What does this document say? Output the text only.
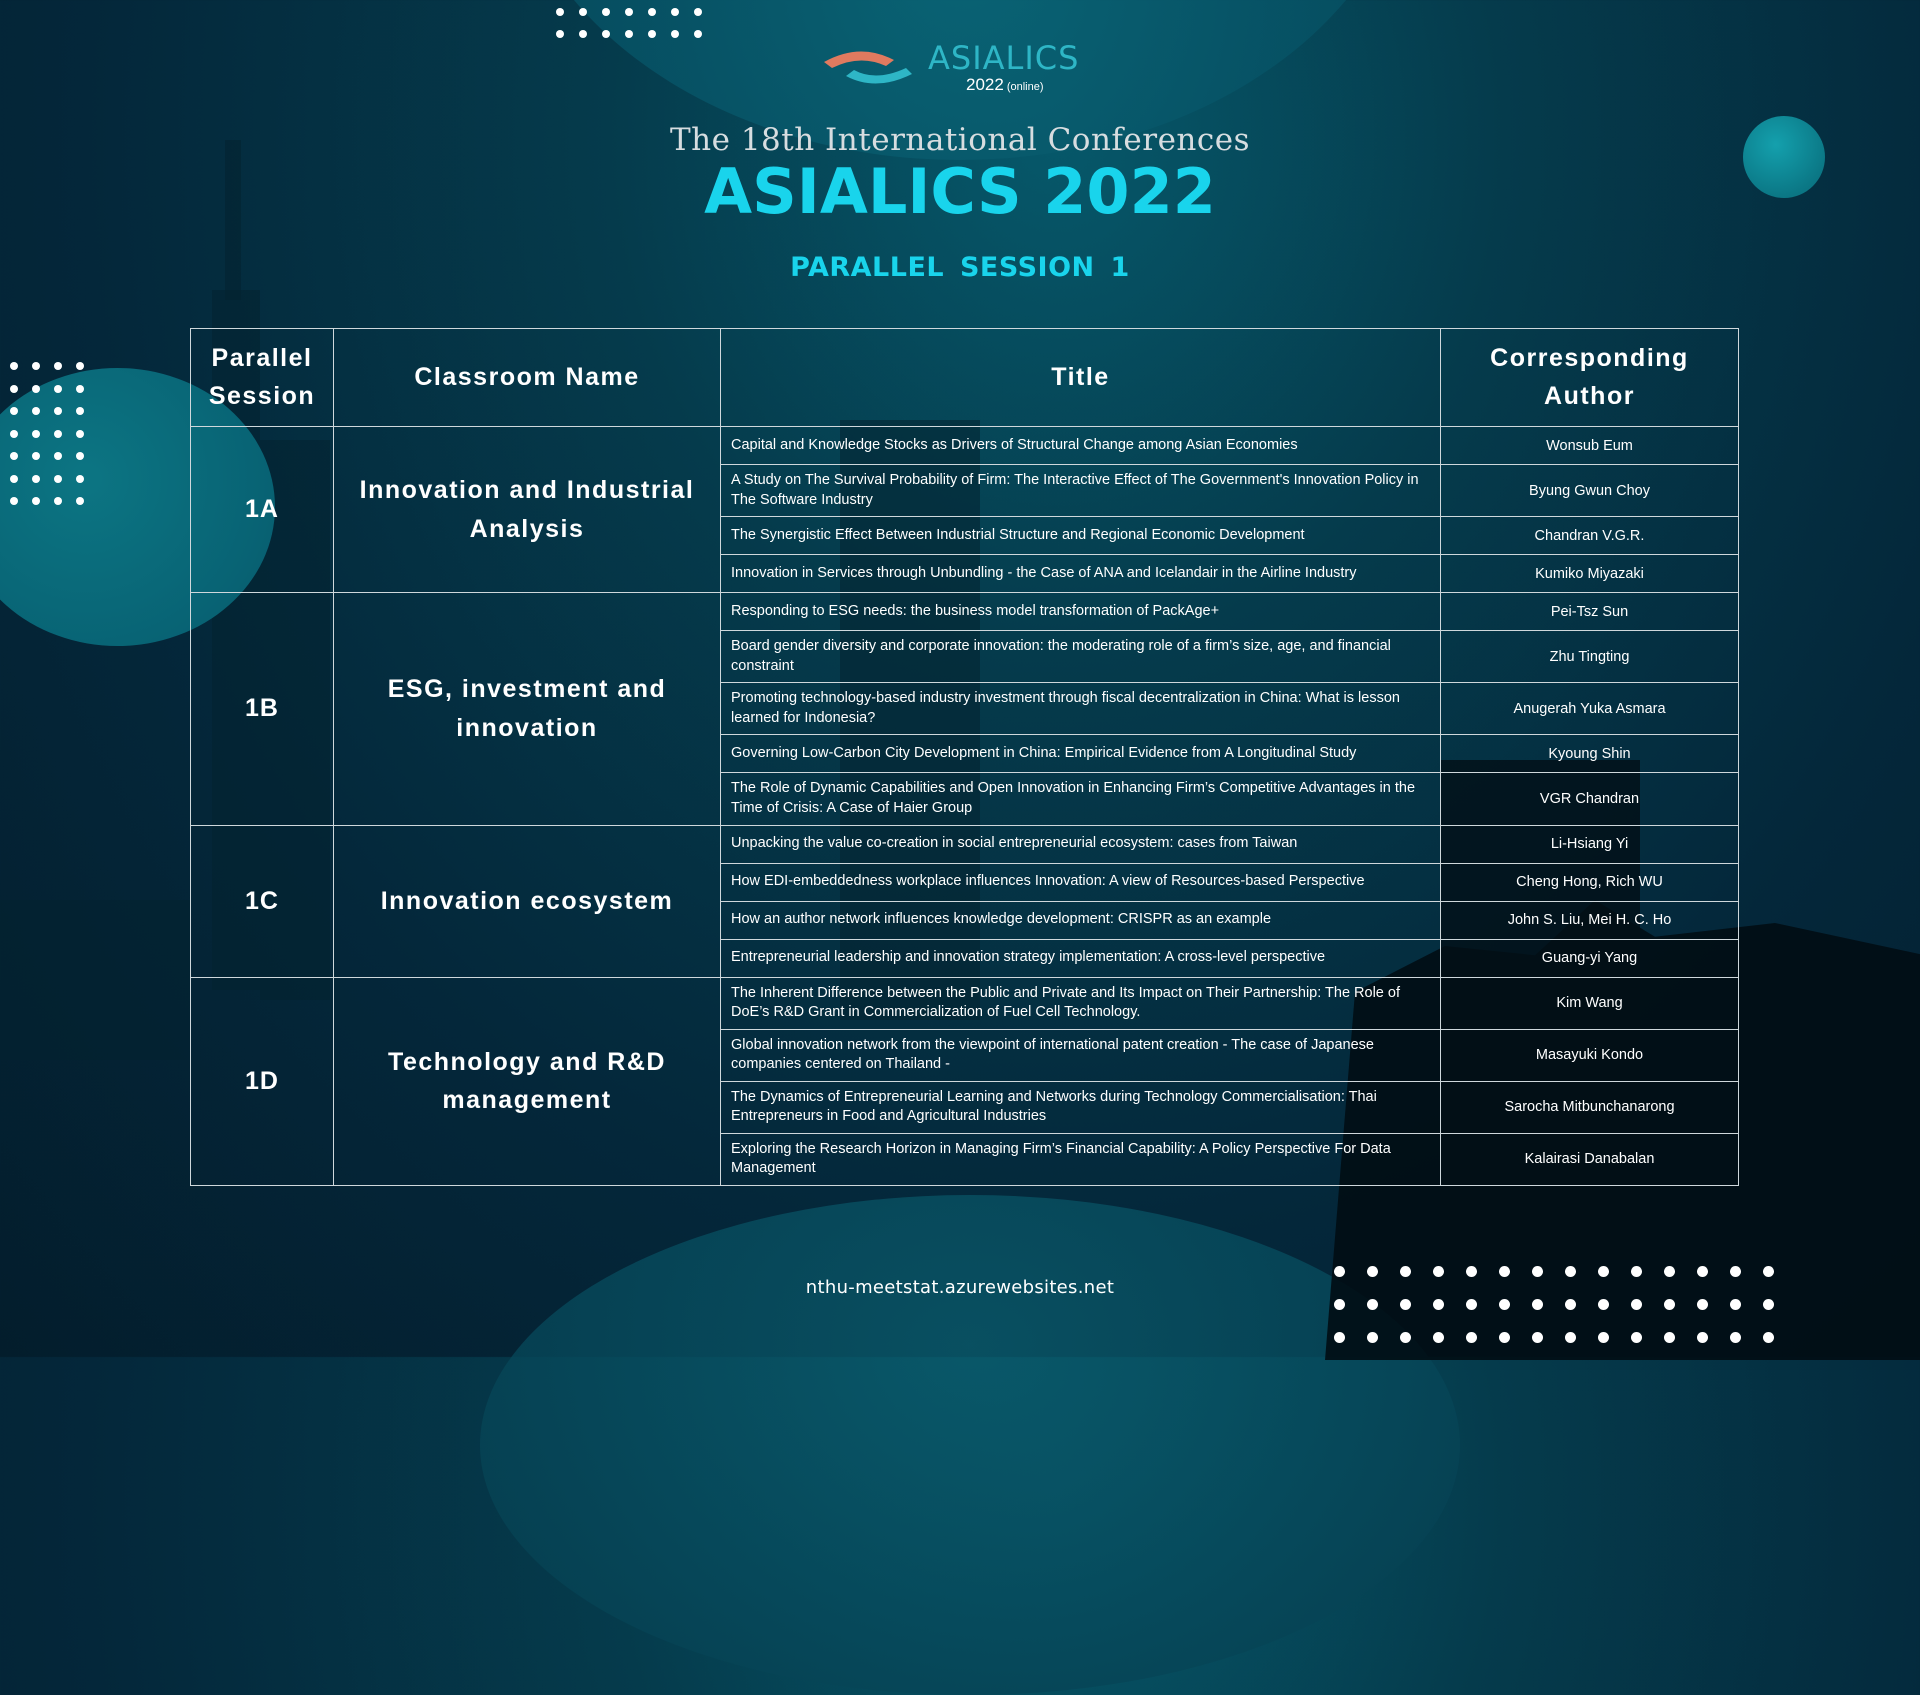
ASIALICS
2022 (online)
The 18th International Conferences
ASIALICS 2022
PARALLEL SESSION 1
Parallel Session	Classroom Name	Title	Corresponding Author
1A	Innovation and Industrial Analysis	Capital and Knowledge Stocks as Drivers of Structural Change among Asian Economies	Wonsub Eum
		A Study on The Survival Probability of Firm: The Interactive Effect of The Government's Innovation Policy in The Software Industry	Byung Gwun Choy
		The Synergistic Effect Between Industrial Structure and Regional Economic Development	Chandran V.G.R.
		Innovation in Services through Unbundling - the Case of ANA and Icelandair in the Airline Industry	Kumiko Miyazaki
1B	ESG, investment and innovation	Responding to ESG needs: the business model transformation of PackAge+	Pei-Tsz Sun
		Board gender diversity and corporate innovation: the moderating role of a firm’s size, age, and financial constraint	Zhu Tingting
		Promoting technology-based industry investment through fiscal decentralization in China: What is lesson learned for Indonesia?	Anugerah Yuka Asmara
		Governing Low-Carbon City Development in China: Empirical Evidence from A Longitudinal Study	Kyoung Shin
		The Role of Dynamic Capabilities and Open Innovation in Enhancing Firm’s Competitive Advantages in the Time of Crisis: A Case of Haier Group	VGR Chandran
1C	Innovation ecosystem	Unpacking the value co-creation in social entrepreneurial ecosystem: cases from Taiwan	Li-Hsiang Yi
		How EDI-embeddedness workplace influences Innovation: A view of Resources-based Perspective	Cheng Hong, Rich WU
		How an author network influences knowledge development: CRISPR as an example	John S. Liu, Mei H. C. Ho
		Entrepreneurial leadership and innovation strategy implementation: A cross-level perspective	Guang-yi Yang
1D	Technology and R&D management	The Inherent Difference between the Public and Private and Its Impact on Their Partnership: The Role of DoE’s R&D Grant in Commercialization of Fuel Cell Technology.	Kim Wang
		Global innovation network from the viewpoint of international patent creation - The case of Japanese companies centered on Thailand -	Masayuki Kondo
		The Dynamics of Entrepreneurial Learning and Networks during Technology Commercialisation: Thai Entrepreneurs in Food and Agricultural Industries	Sarocha Mitbunchanarong
		Exploring the Research Horizon in Managing Firm’s Financial Capability: A Policy Perspective For Data Management	Kalairasi Danabalan
nthu-meetstat.azurewebsites.net
